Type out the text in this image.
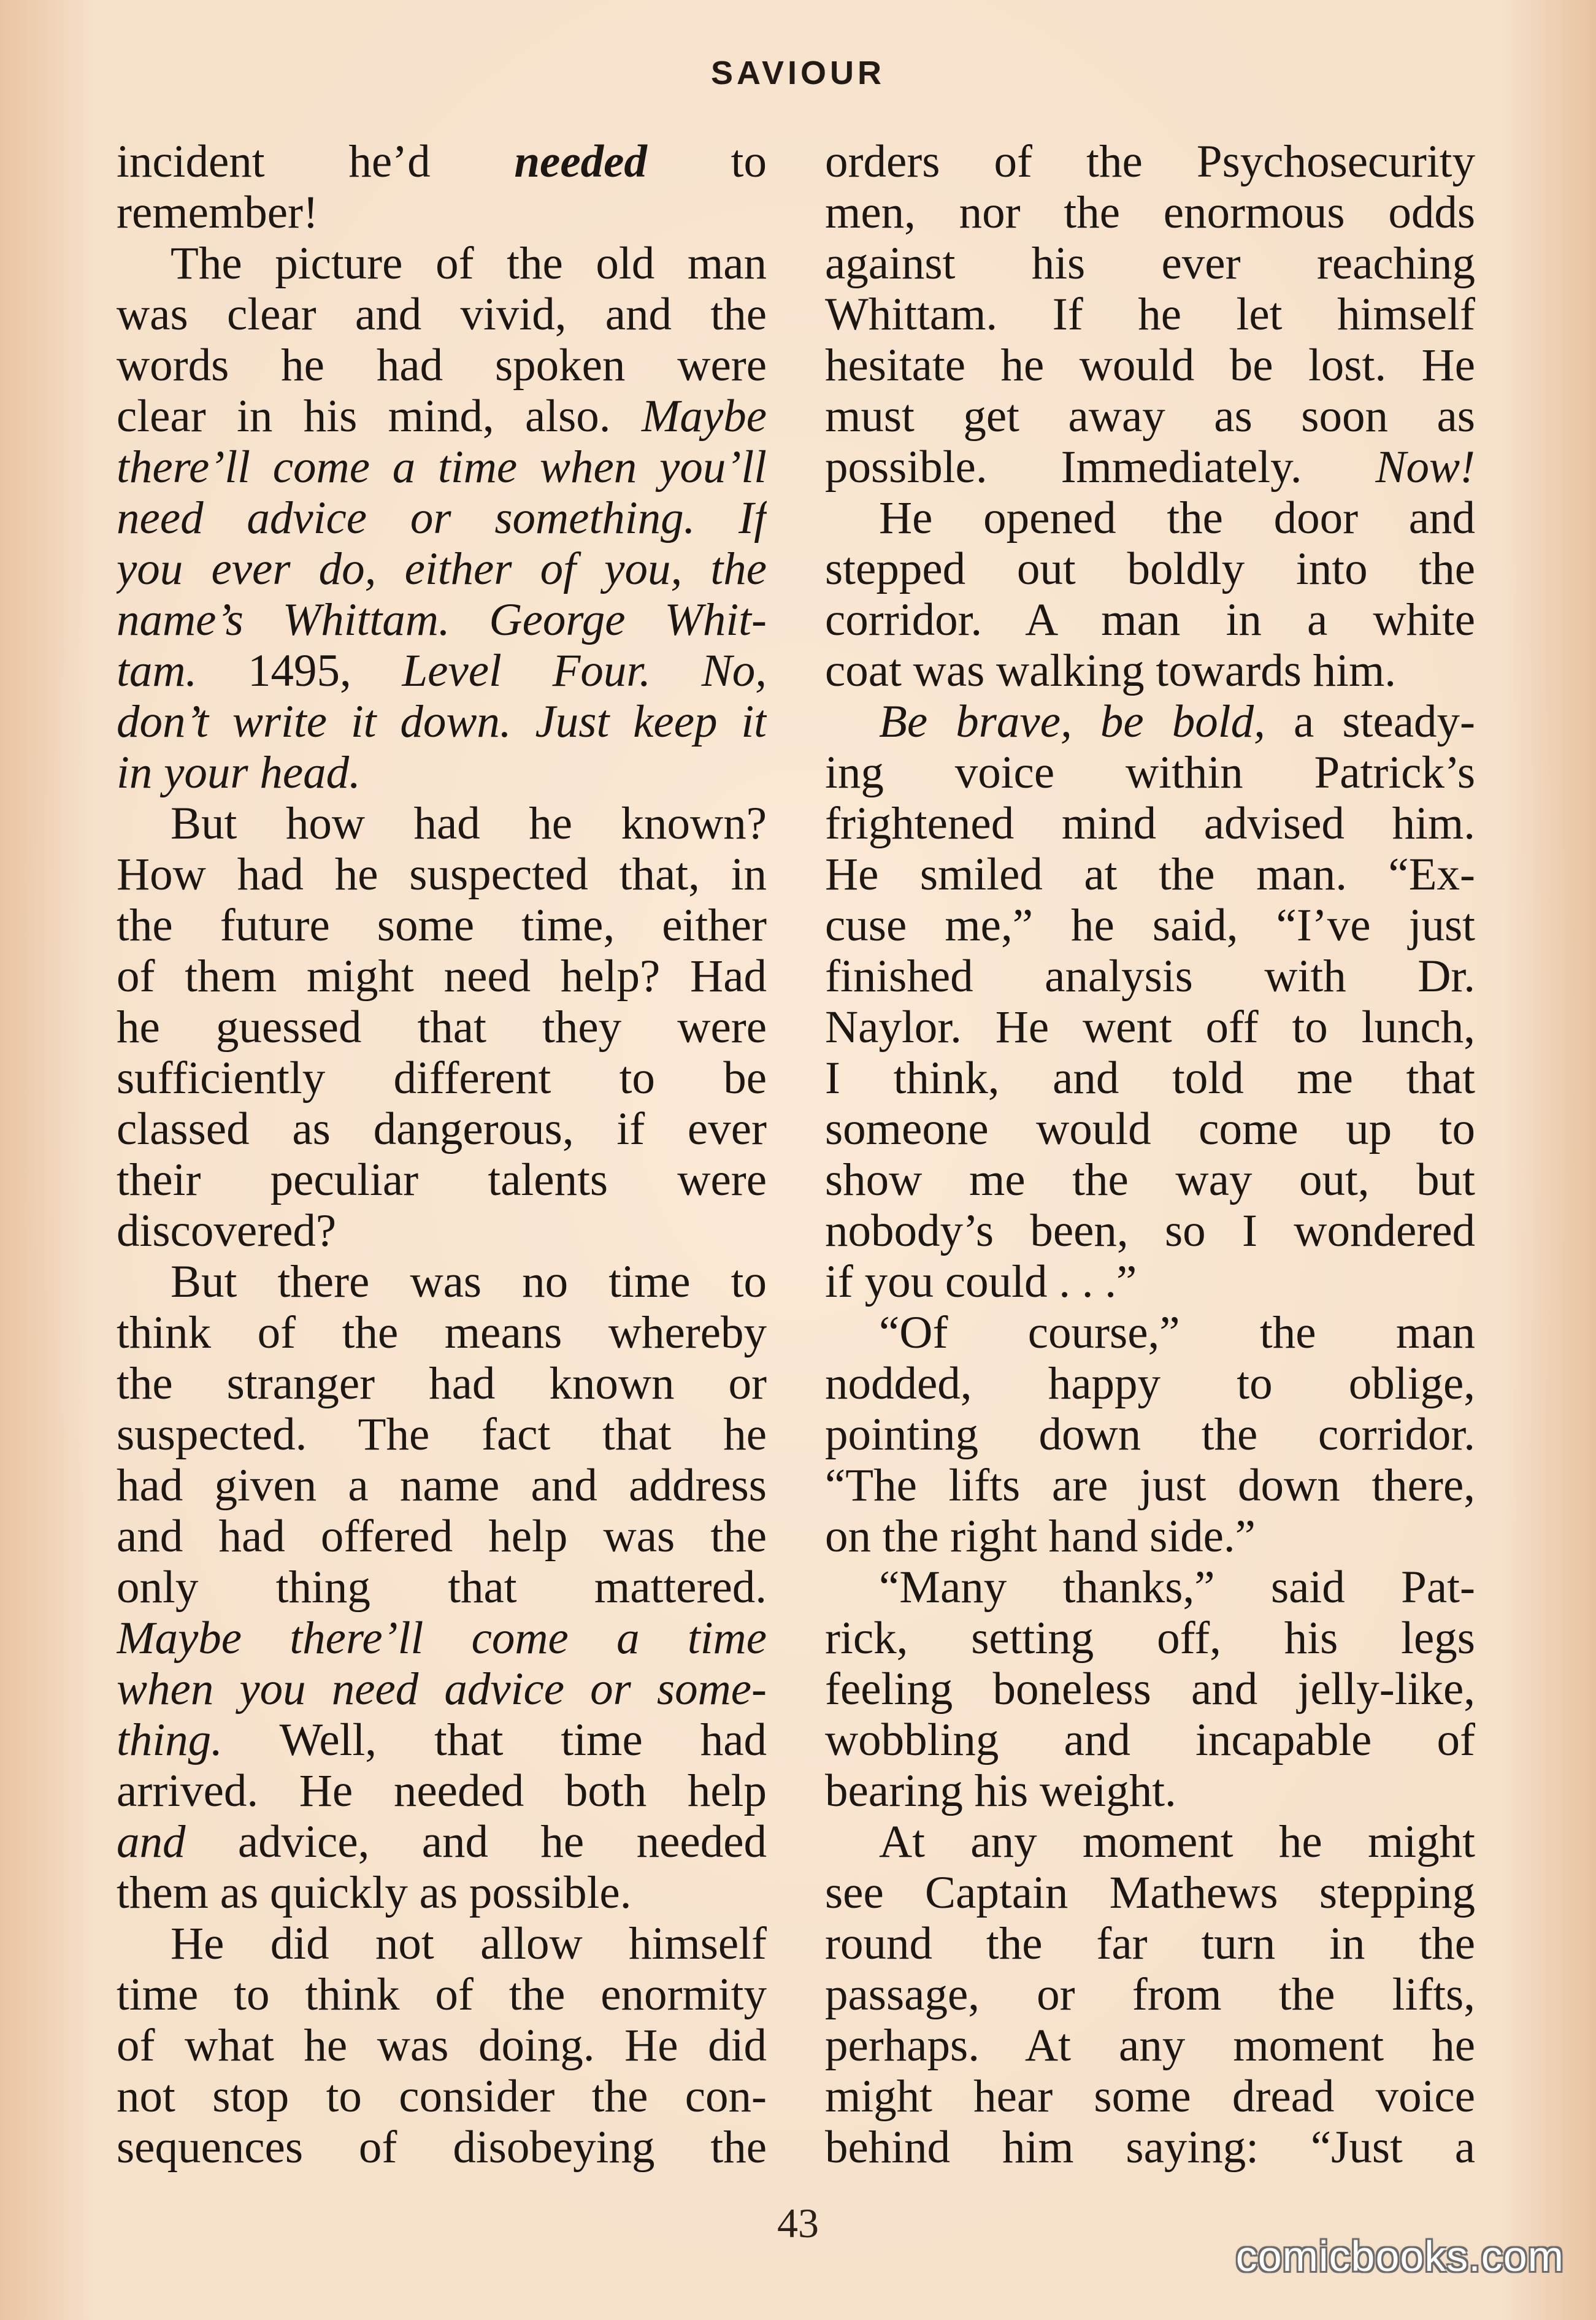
SAVIOUR
incident he’d needed to
remember!
The picture of the old man
was clear and vivid, and the
words he had spoken were
clear in his mind, also. Maybe
there’ll come a time when you’ll
need advice or something. If
you ever do, either of you, the
name’s Whittam. George Whit-
tam. 1495, Level Four. No,
don’t write it down. Just keep it
in your head.
But how had he known?
How had he suspected that, in
the future some time, either
of them might need help? Had
he guessed that they were
sufficiently different to be
classed as dangerous, if ever
their peculiar talents were
discovered?
But there was no time to
think of the means whereby
the stranger had known or
suspected. The fact that he
had given a name and address
and had offered help was the
only thing that mattered.
Maybe there’ll come a time
when you need advice or some-
thing. Well, that time had
arrived. He needed both help
and advice, and he needed
them as quickly as possible.
He did not allow himself
time to think of the enormity
of what he was doing. He did
not stop to consider the con-
sequences of disobeying the
orders of the Psychosecurity
men, nor the enormous odds
against his ever reaching
Whittam. If he let himself
hesitate he would be lost. He
must get away as soon as
possible. Immediately. Now!
He opened the door and
stepped out boldly into the
corridor. A man in a white
coat was walking towards him.
Be brave, be bold, a steady-
ing voice within Patrick’s
frightened mind advised him.
He smiled at the man. “Ex-
cuse me,” he said, “I’ve just
finished analysis with Dr.
Naylor. He went off to lunch,
I think, and told me that
someone would come up to
show me the way out, but
nobody’s been, so I wondered
if you could . . .”
“Of course,” the man
nodded, happy to oblige,
pointing down the corridor.
“The lifts are just down there,
on the right hand side.”
“Many thanks,” said Pat-
rick, setting off, his legs
feeling boneless and jelly-like,
wobbling and incapable of
bearing his weight.
At any moment he might
see Captain Mathews stepping
round the far turn in the
passage, or from the lifts,
perhaps. At any moment he
might hear some dread voice
behind him saying: “Just a
43
comicbooks.com
